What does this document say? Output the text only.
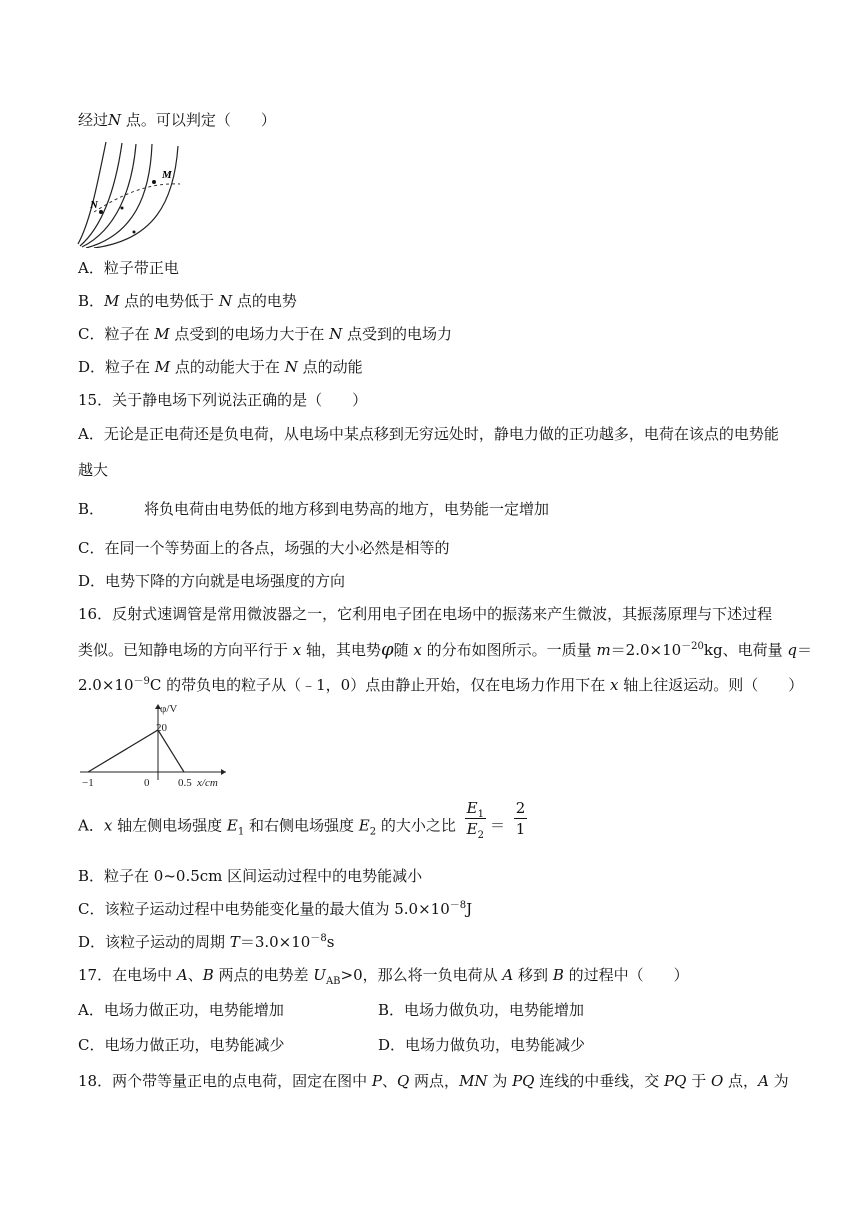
经过N 点。可以判定（　　）
N
M
A．粒子带正电
B．M 点的电势低于 N 点的电势
C．粒子在 M 点受到的电场力大于在 N 点受到的电场力
D．粒子在 M 点的动能大于在 N 点的动能
15．关于静电场下列说法正确的是（　　）
A．无论是正电荷还是负电荷，从电场中某点移到无穷远处时，静电力做的正功越多，电荷在该点的电势能
越大
B．	将负电荷由电势低的地方移到电势高的地方，电势能一定增加
C．在同一个等势面上的各点，场强的大小必然是相等的
D．电势下降的方向就是电场强度的方向
16．反射式速调管是常用微波器之一，它利用电子团在电场中的振荡来产生微波，其振荡原理与下述过程
类似。已知静电场的方向平行于 x 轴，其电势φ随 x 的分布如图所示。一质量 $m=2.0\times 10^{-20}kg$、电荷量 q＝
$2.0\times 10^{-9}C$ 的带负电的粒子从（﹣1，0）点由静止开始，仅在电场力作用下在 x 轴上往返运动。则（　　）
φ/V
20
−1	0	0.5 x/cm
A．x 轴左侧电场强度 $E_1$ 和右侧电场强度 $E_2$ 的大小之比 $\frac{E_1}{E_2} = \frac{2}{1}$
B．粒子在 0~0.5cm 区间运动过程中的电势能减小
C．该粒子运动过程中电势能变化量的最大值为 $5.0\times 10^{-8}J$
D．该粒子运动的周期 $T=3.0\times 10^{-8}s$
17．在电场中 A、B 两点的电势差 $U_{AB}>0$，那么将一负电荷从 A 移到 B 的过程中（　　）
A．电场力做正功，电势能增加	B．电场力做负功，电势能增加
C．电场力做正功，电势能减少	D．电场力做负功，电势能减少
18．两个带等量正电的点电荷，固定在图中 P、Q 两点，MN 为 PQ 连线的中垂线，交 PQ 于 O 点，A 为
